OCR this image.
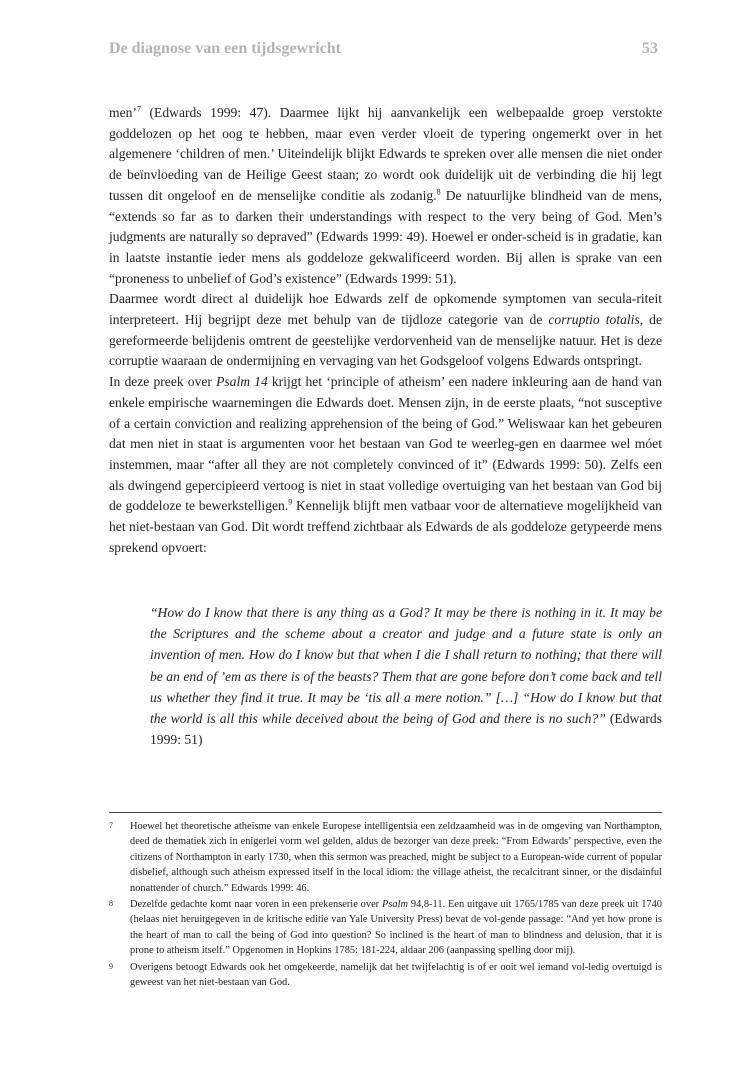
De diagnose van een tijdsgewricht	53

men’$^7$ (Edwards 1999: 47). Daarmee lijkt hij aanvankelijk een welbepaalde groep verstokte goddelozen op het oog te hebben, maar even verder vloeit de typering ongemerkt over in het algemenere ‘children of men.’ Uiteindelijk blijkt Edwards te spreken over alle mensen die niet onder de beïnvloeding van de Heilige Geest staan; zo wordt ook duidelijk uit de verbinding die hij legt tussen dit ongeloof en de menselijke conditie als zodanig.$^8$ De natuurlijke blindheid van de mens, “extends so far as to darken their understandings with respect to the very being of God. Men’s judgments are naturally so depraved” (Edwards 1999: 49). Hoewel er onder-scheid is in gradatie, kan in laatste instantie ieder mens als goddeloze gekwalificeerd worden. Bij allen is sprake van een “proneness to unbelief of God’s existence” (Edwards 1999: 51).

Daarmee wordt direct al duidelijk hoe Edwards zelf de opkomende symptomen van secula-riteit interpreteert. Hij begrijpt deze met behulp van de tijdloze categorie van de corruptio totalis, de gereformeerde belijdenis omtrent de geestelijke verdorvenheid van de menselijke natuur. Het is deze corruptie waaraan de ondermijning en vervaging van het Godsgeloof volgens Edwards ontspringt.

In deze preek over Psalm 14 krijgt het ‘principle of atheism’ een nadere inkleuring aan de hand van enkele empirische waarnemingen die Edwards doet. Mensen zijn, in de eerste plaats, “not susceptive of a certain conviction and realizing apprehension of the being of God.” Weliswaar kan het gebeuren dat men niet in staat is argumenten voor het bestaan van God te weerleg-gen en daarmee wel móet instemmen, maar “after all they are not completely convinced of it” (Edwards 1999: 50). Zelfs een als dwingend gepercipieerd vertoog is niet in staat volledige overtuiging van het bestaan van God bij de goddeloze te bewerkstelligen.$^9$ Kennelijk blijft men vatbaar voor de alternatieve mogelijkheid van het niet-bestaan van God. Dit wordt treffend zichtbaar als Edwards de als goddeloze getypeerde mens sprekend opvoert:

“How do I know that there is any thing as a God? It may be there is nothing in it. It may be the Scriptures and the scheme about a creator and judge and a future state is only an invention of men. How do I know but that when I die I shall return to nothing; that there will be an end of ’em as there is of the beasts? Them that are gone before don’t come back and tell us whether they find it true. It may be ‘tis all a mere notion.” […] “How do I know but that the world is all this while deceived about the being of God and there is no such?” (Edwards 1999: 51)
7	Hoewel het theoretische atheïsme van enkele Europese intelligentsia een zeldzaamheid was in de omgeving van Northampton, deed de thematiek zich in enigerlei vorm wel gelden, aldus de bezorger van deze preek: “From Edwards’ perspective, even the citizens of Northampton in early 1730, when this sermon was preached, might be subject to a European-wide current of popular disbelief, although such atheism expressed itself in the local idiom: the village atheist, the recalcitrant sinner, or the disdainful nonattender of church.” Edwards 1999: 46.
8	Dezelfde gedachte komt naar voren in een prekenserie over Psalm 94,8-11. Een uitgave uit 1765/1785 van deze preek uit 1740 (helaas niet heruitgegeven in de kritische editie van Yale University Press) bevat de vol-gende passage: “And yet how prone is the heart of man to call the being of God into question? So inclined is the heart of man to blindness and delusion, that it is prone to atheism itself.” Opgenomen in Hopkins 1785: 181-224, aldaar 206 (aanpassing spelling door mij).
9	Overigens betoogt Edwards ook het omgekeerde, namelijk dat het twijfelachtig is of er ooit wel iemand vol-ledig overtuigd is geweest van het niet-bestaan van God.
